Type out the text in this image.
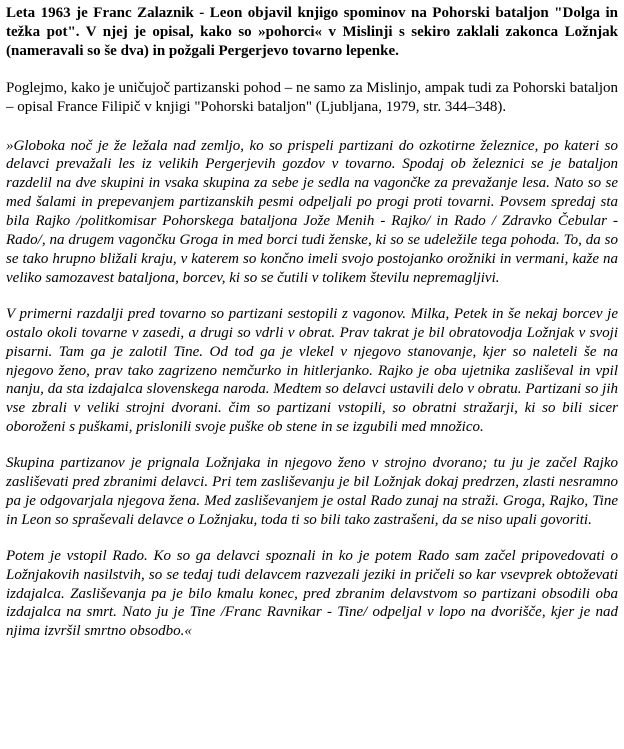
Leta 1963 je Franc Zalaznik - Leon objavil knjigo spominov na Pohorski bataljon "Dolga in težka pot". V njej je opisal, kako so »pohorci« v Mislinji s sekiro zaklali zakonca Ložnjak (nameravali so še dva) in požgali Pergerjevo tovarno lepenke.

Poglejmo, kako je uničujoč partizanski pohod – ne samo za Mislinjo, ampak tudi za Pohorski bataljon – opisal France Filipič v knjigi "Pohorski bataljon" (Ljubljana, 1979, str. 344–348).

»Globoka noč je že ležala nad zemljo, ko so prispeli partizani do ozkotirne železnice, po kateri so delavci prevažali les iz velikih Pergerjevih gozdov v tovarno. Spodaj ob železnici se je bataljon razdelil na dve skupini in vsaka skupina za sebe je sedla na vagončke za prevažanje lesa. Nato so se med šalami in prepevanjem partizanskih pesmi odpeljali po progi proti tovarni. Povsem spredaj sta bila Rajko /politkomisar Pohorskega bataljona Jože Menih - Rajko/ in Rado / Zdravko Čebular - Rado/, na drugem vagončku Groga in med borci tudi ženske, ki so se udeležile tega pohoda. To, da so se tako hrupno bližali kraju, v katerem so končno imeli svojo postojanko orožniki in vermani, kaže na veliko samozavest bataljona, borcev, ki so se čutili v tolikem številu nepremagljivi.

V primerni razdalji pred tovarno so partizani sestopili z vagonov. Milka, Petek in še nekaj borcev je ostalo okoli tovarne v zasedi, a drugi so vdrli v obrat. Prav takrat je bil obratovodja Ložnjak v svoji pisarni. Tam ga je zalotil Tine. Od tod ga je vlekel v njegovo stanovanje, kjer so naleteli še na njegovo ženo, prav tako zagrizeno nemčurko in hitlerjanko. Rajko je oba ujetnika zasliševal in vpil nanju, da sta izdajalca slovenskega naroda. Medtem so delavci ustavili delo v obratu. Partizani so jih vse zbrali v veliki strojni dvorani. čim so partizani vstopili, so obratni stražarji, ki so bili sicer oboroženi s puškami, prislonili svoje puške ob stene in se izgubili med množico.

Skupina partizanov je prignala Ložnjaka in njegovo ženo v strojno dvorano; tu ju je začel Rajko zasliševati pred zbranimi delavci. Pri tem zasliševanju je bil Ložnjak dokaj predrzen, zlasti nesramno pa je odgovarjala njegova žena. Med zasliševanjem je ostal Rado zunaj na straži. Groga, Rajko, Tine in Leon so spraševali delavce o Ložnjaku, toda ti so bili tako zastrašeni, da se niso upali govoriti.

Potem je vstopil Rado. Ko so ga delavci spoznali in ko je potem Rado sam začel pripovedovati o Ložnjakovih nasilstvih, so se tedaj tudi delavcem razvezali jeziki in pričeli so kar vsevprek obtoževati izdajalca. Zasliševanja pa je bilo kmalu konec, pred zbranim delavstvom so partizani obsodili oba izdajalca na smrt. Nato ju je Tine /Franc Ravnikar - Tine/ odpeljal v lopo na dvorišče, kjer je nad njima izvršil smrtno obsodbo.«
